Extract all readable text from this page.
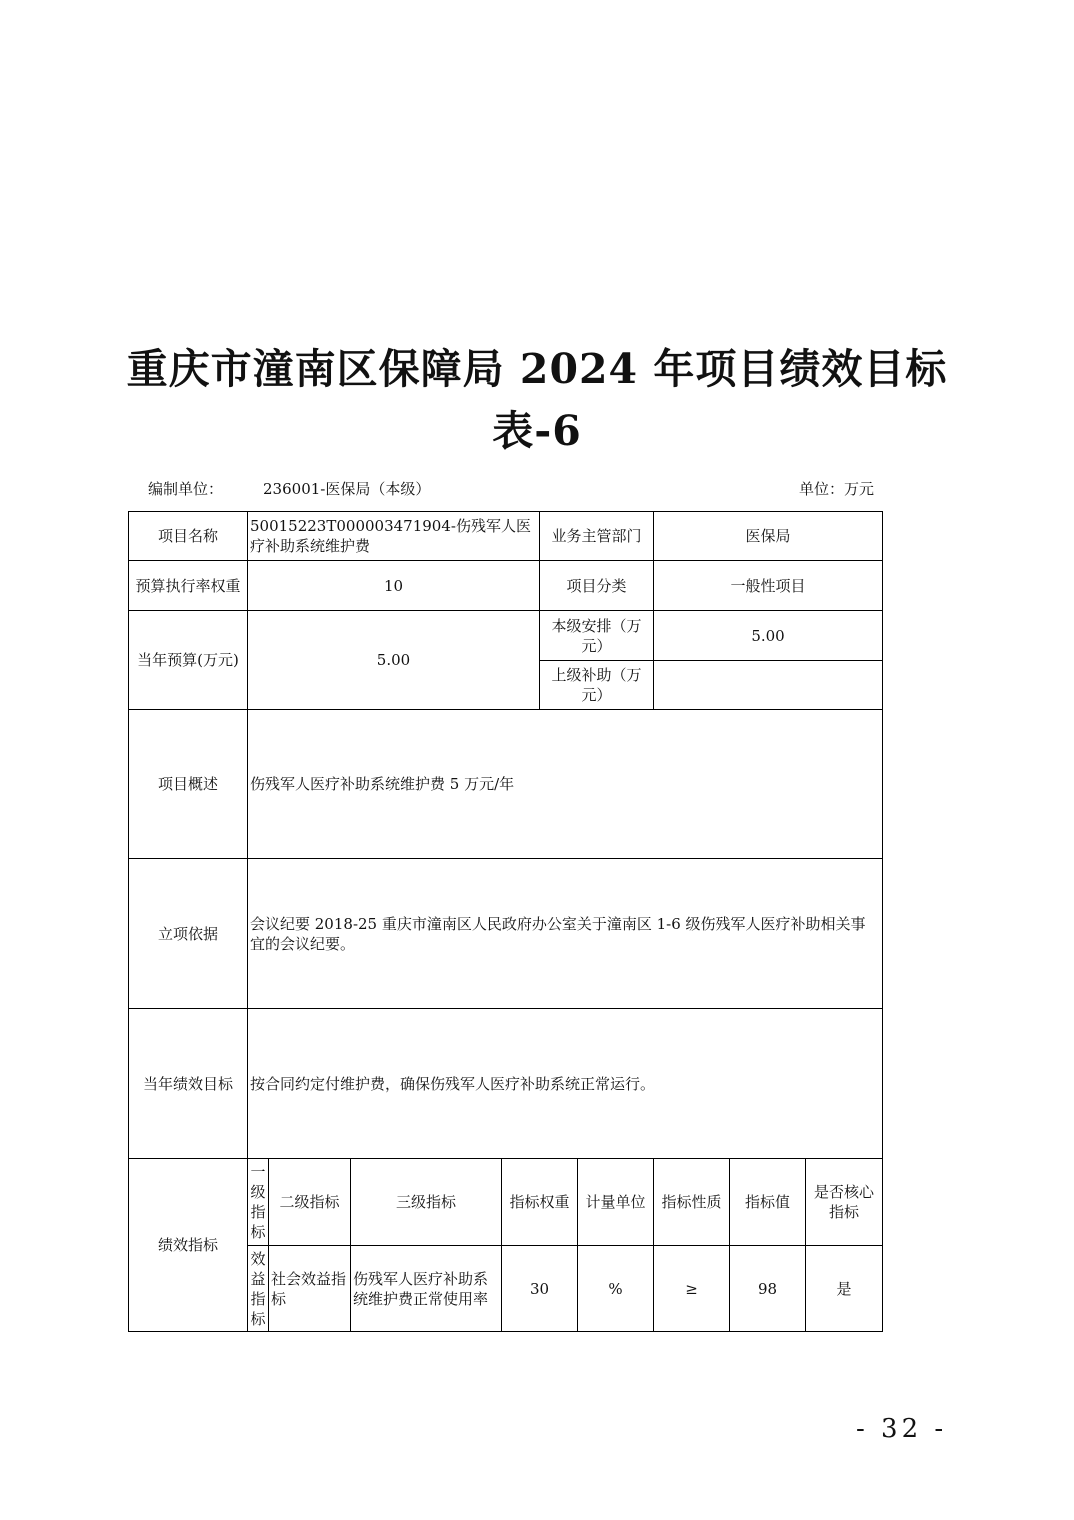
重庆市潼南区保障局 2024 年项目绩效目标
表-6
编制单位：	236001-医保局（本级）	单位：万元
项目名称	50015223T000003471904-伤残军人医疗补助系统维护费				业务主管部门		医保局		
预算执行率权重	10				项目分类		一般性项目		
当年预算(万元)	5.00				本级安排（万元）		5.00		
					上级补助（万元）				
项目概述	伤残军人医疗补助系统维护费 5 万元/年								
立项依据	会议纪要 2018-25 重庆市潼南区人民政府办公室关于潼南区 1-6 级伤残军人医疗补助相关事宜的会议纪要。								
当年绩效目标	按合同约定付维护费，确保伤残军人医疗补助系统正常运行。								
绩效指标	一级指标	二级指标	三级指标	指标权重		计量单位	指标性质	指标值	是否核心指标
	效益指标	社会效益指标	伤残军人医疗补助系统维护费正常使用率	30		%	≥	98	是
- 32 -
